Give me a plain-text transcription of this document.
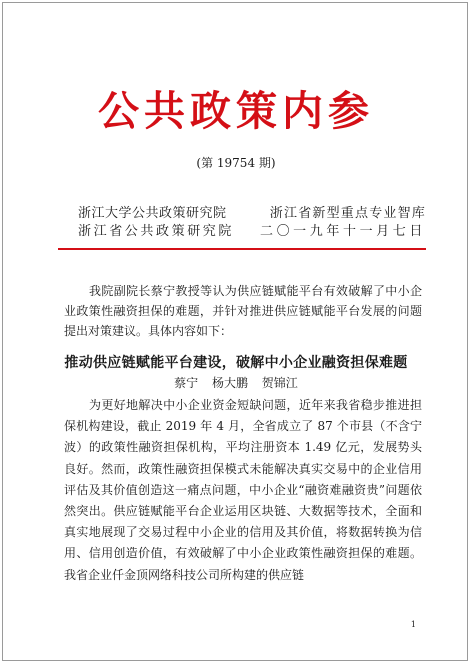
公共政策内参
(第 19754 期)
浙江大学公共政策研究院	浙江省新型重点专业智库
浙江省公共政策研究院 二〇一九年十一月七日

我院副院长蔡宁教授等认为供应链赋能平台有效破解了中小企业政策性融资担保的难题，并针对推进供应链赋能平台发展的问题提出对策建议。具体内容如下：

推动供应链赋能平台建设，破解中小企业融资担保难题
蔡宁 杨大鹏 贺锦江

为更好地解决中小企业资金短缺问题，近年来我省稳步推进担保机构建设，截止 2019 年 4 月，全省成立了 87 个市县（不含宁波）的政策性融资担保机构，平均注册资本 1.49 亿元，发展势头良好。然而，政策性融资担保模式未能解决真实交易中的企业信用评估及其价值创造这一痛点问题，中小企业“融资难融资贵”问题依然突出。供应链赋能平台企业运用区块链、大数据等技术，全面和真实地展现了交易过程中小企业的信用及其价值，将数据转换为信用、信用创造价值，有效破解了中小企业政策性融资担保的难题。我省企业仟金顶网络科技公司所构建的供应链

1
